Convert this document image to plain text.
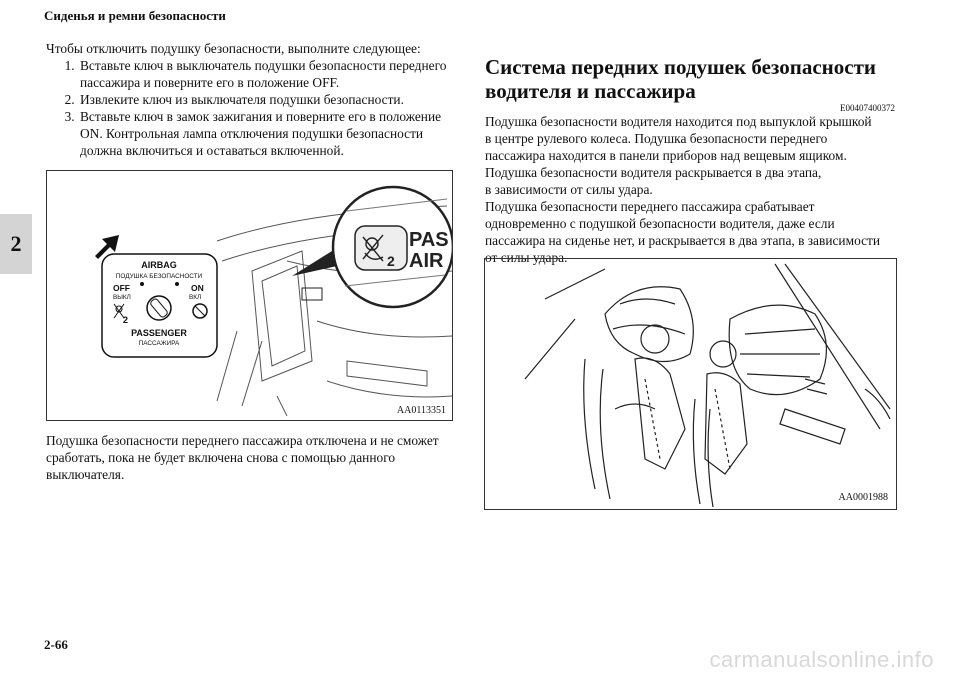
Сиденья и ремни безопасности
2

Чтобы отключить подушку безопасности, выполните следующее:

1. Вставьте ключ в выключатель подушки безопасности переднего пассажира и поверните его в положение OFF.
2. Извлеките ключ из выключателя подушки безопасности.
3. Вставьте ключ в замок зажигания и поверните его в положение ON. Контрольная лампа отключения подушки безопасности должна включиться и оставаться включенной.
2
PAS
AIR
AIRBAG
ПОДУШКА БЕЗОПАСНОСТИ
OFF
ВЫКЛ
ON
ВКЛ
PASSENGER
ПАССАЖИРА
2
AA0113351
Подушка безопасности переднего пассажира отключена и не сможет сработать, пока не будет включена снова с помощью данного выключателя.
Система передних подушек безопасности
водителя и пассажира
E00407400372

Подушка безопасности водителя находится под выпуклой крышкой

в центре рулевого колеса. Подушка безопасности переднего

пассажира находится в панели приборов над вещевым ящиком.

Подушка безопасности водителя раскрывается в два этапа,

в зависимости от силы удара.

Подушка безопасности переднего пассажира срабатывает

одновременно с подушкой безопасности водителя, даже если

пассажира на сиденье нет, и раскрывается в два этапа, в зависимости

от силы удара.

AA0001988
2-66
carmanualsonline.info
